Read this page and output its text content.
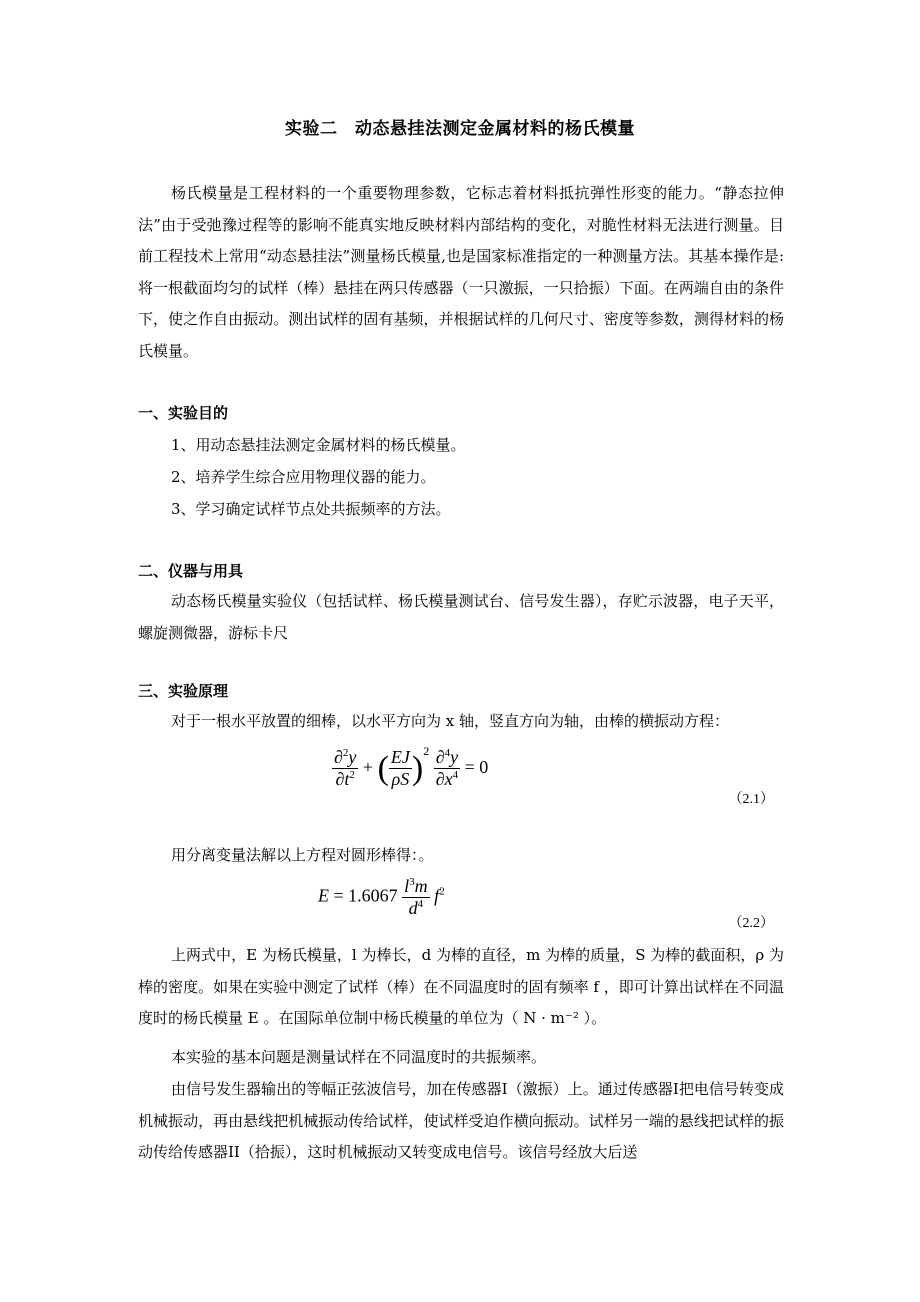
实验二　动态悬挂法测定金属材料的杨氏模量
杨氏模量是工程材料的一个重要物理参数，它标志着材料抵抗弹性形变的能力。“静态拉伸法”由于受弛豫过程等的影响不能真实地反映材料内部结构的变化，对脆性材料无法进行测量。目前工程技术上常用“动态悬挂法”测量杨氏模量,也是国家标准指定的一种测量方法。其基本操作是: 将一根截面均匀的试样（棒）悬挂在两只传感器（一只激振，一只拾振）下面。在两端自由的条件下，使之作自由振动。测出试样的固有基频，并根据试样的几何尺寸、密度等参数，测得材料的杨氏模量。
一、实验目的
1、用动态悬挂法测定金属材料的杨氏模量。
2、培养学生综合应用物理仪器的能力。
3、学习确定试样节点处共振频率的方法。
二、仪器与用具
动态杨氏模量实验仪（包括试样、杨氏模量测试台、信号发生器），存贮示波器，电子天平，螺旋测微器，游标卡尺
三、实验原理
对于一根水平放置的细棒，以水平方向为 x 轴，竖直方向为轴，由棒的横振动方程：
$\frac{\partial^2y}{\partial t^2}$ + ( $\frac{EJ}{\rho S} )^2 \frac{\partial^4y}{\partial x^4} = 0$
（2.1）
用分离变量法解以上方程对圆形棒得：。
$E = 1.6067 \frac{l^3m}{d^4} f^2$
（2.2）
上两式中，E 为杨氏模量，l 为棒长，d 为棒的直径，m 为棒的质量，S 为棒的截面积，ρ 为棒的密度。如果在实验中测定了试样（棒）在不同温度时的固有频率 f ，即可计算出试样在不同温度时的杨氏模量 E 。在国际单位制中杨氏模量的单位为（ N · m⁻² ）。
本实验的基本问题是测量试样在不同温度时的共振频率。
由信号发生器输出的等幅正弦波信号，加在传感器I（激振）上。通过传感器I把电信号转变成机械振动，再由悬线把机械振动传给试样，使试样受迫作横向振动。试样另一端的悬线把试样的振动传给传感器II（拾振），这时机械振动又转变成电信号。该信号经放大后送
